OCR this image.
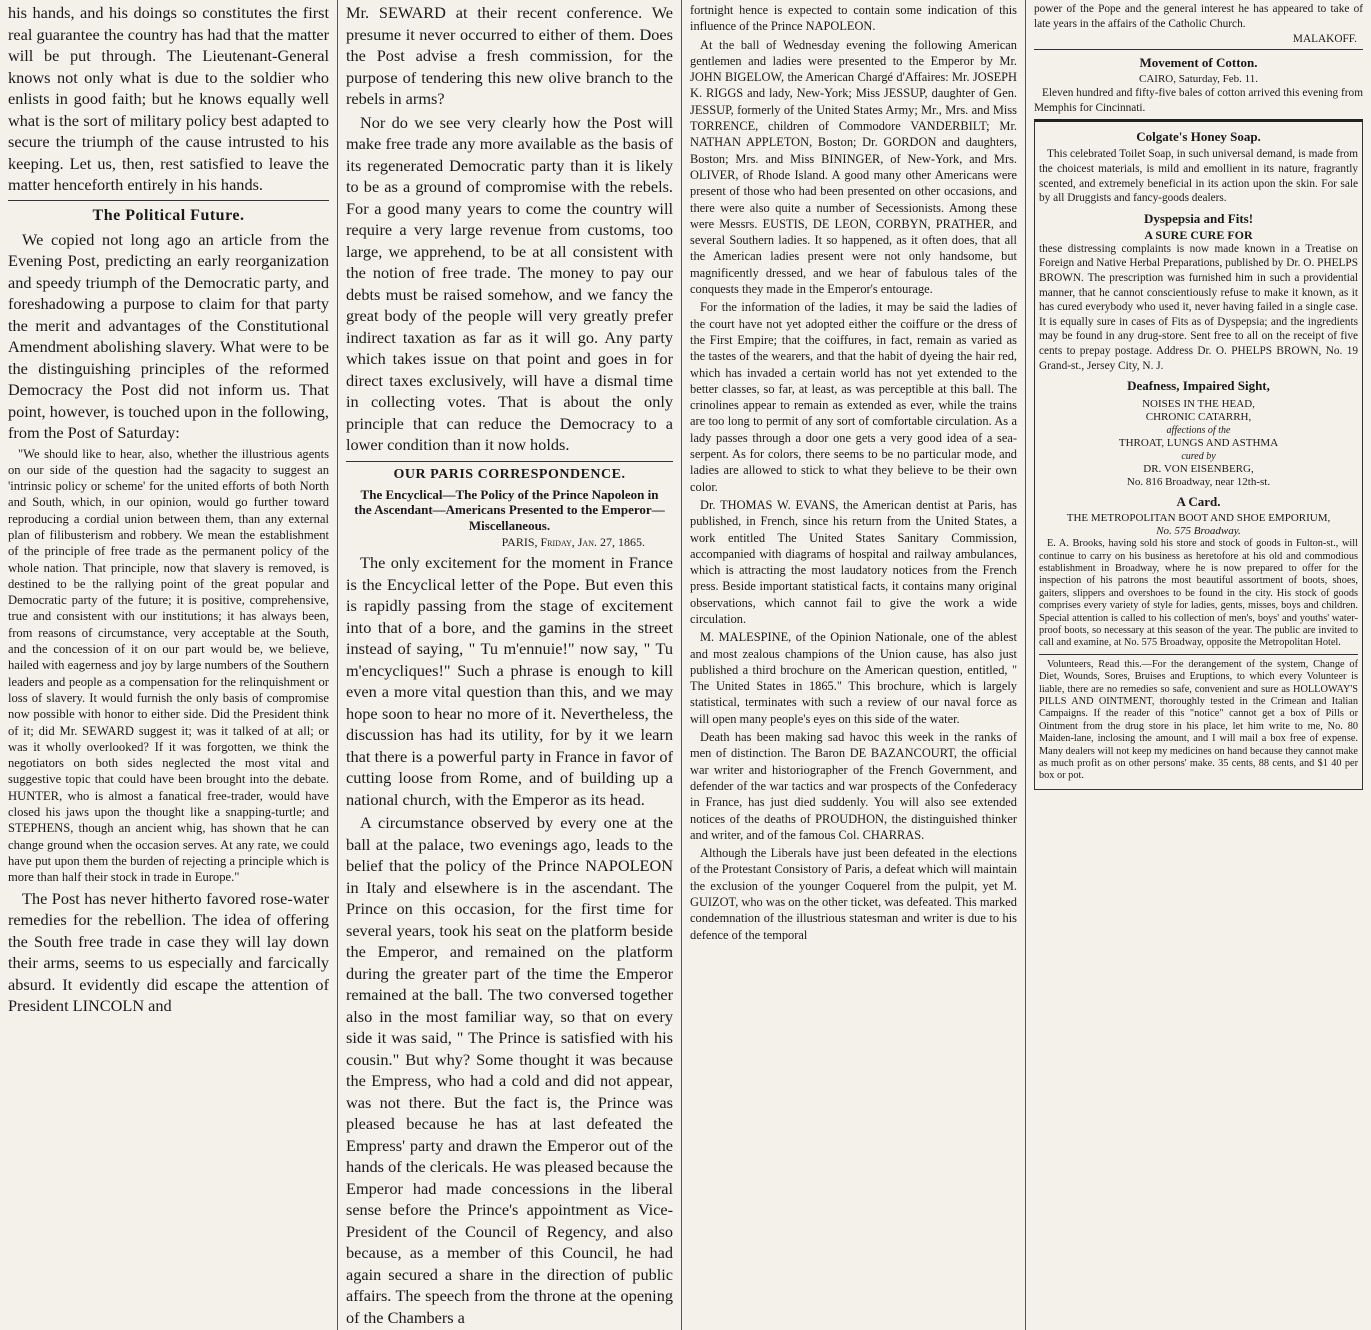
his hands, and his doings so constitutes the first real guarantee the country has had that the matter will be put through. The Lieutenant-General knows not only what is due to the soldier who enlists in good faith; but he knows equally well what is the sort of military policy best adapted to secure the triumph of the cause intrusted to his keeping. Let us, then, rest satisfied to leave the matter henceforth entirely in his hands.

The Political Future.

We copied not long ago an article from the Evening Post, predicting an early reorganization and speedy triumph of the Democratic party, and foreshadowing a purpose to claim for that party the merit and advantages of the Constitutional Amendment abolishing slavery. What were to be the distinguishing principles of the reformed Democracy the Post did not inform us. That point, however, is touched upon in the following, from the Post of Saturday:

"We should like to hear, also, whether the illustrious agents on our side of the question had the sagacity to suggest an 'intrinsic policy or scheme' for the united efforts of both North and South, which, in our opinion, would go further toward reproducing a cordial union between them, than any external plan of filibusterism and robbery. We mean the establishment of the principle of free trade as the permanent policy of the whole nation. That principle, now that slavery is removed, is destined to be the rallying point of the great popular and Democratic party of the future; it is positive, comprehensive, true and consistent with our institutions; it has always been, from reasons of circumstance, very acceptable at the South, and the concession of it on our part would be, we believe, hailed with eagerness and joy by large numbers of the Southern leaders and people as a compensation for the relinquishment or loss of slavery. It would furnish the only basis of compromise now possible with honor to either side. Did the President think of it; did Mr. SEWARD suggest it; was it talked of at all; or was it wholly overlooked? If it was forgotten, we think the negotiators on both sides neglected the most vital and suggestive topic that could have been brought into the debate. HUNTER, who is almost a fanatical free-trader, would have closed his jaws upon the thought like a snapping-turtle; and STEPHENS, though an ancient whig, has shown that he can change ground when the occasion serves. At any rate, we could have put upon them the burden of rejecting a principle which is more than half their stock in trade in Europe."

The Post has never hitherto favored rose-water remedies for the rebellion. The idea of offering the South free trade in case they will lay down their arms, seems to us especially and farcically absurd. It evidently did escape the attention of President LINCOLN and

Mr. SEWARD at their recent conference. We presume it never occurred to either of them. Does the Post advise a fresh commission, for the purpose of tendering this new olive branch to the rebels in arms?

Nor do we see very clearly how the Post will make free trade any more available as the basis of its regenerated Democratic party than it is likely to be as a ground of compromise with the rebels. For a good many years to come the country will require a very large revenue from customs, too large, we apprehend, to be at all consistent with the notion of free trade. The money to pay our debts must be raised somehow, and we fancy the great body of the people will very greatly prefer indirect taxation as far as it will go. Any party which takes issue on that point and goes in for direct taxes exclusively, will have a dismal time in collecting votes. That is about the only principle that can reduce the Democracy to a lower condition than it now holds.

OUR PARIS CORRESPONDENCE.
The Encyclical—The Policy of the Prince Napoleon in the Ascendant—Americans Presented to the Emperor—Miscellaneous.
PARIS, Friday, Jan. 27, 1865.

The only excitement for the moment in France is the Encyclical letter of the Pope. But even this is rapidly passing from the stage of excitement into that of a bore, and the gamins in the street instead of saying, " Tu m'ennuie!" now say, " Tu m'encycliques!" Such a phrase is enough to kill even a more vital question than this, and we may hope soon to hear no more of it. Nevertheless, the discussion has had its utility, for by it we learn that there is a powerful party in France in favor of cutting loose from Rome, and of building up a national church, with the Emperor as its head.

A circumstance observed by every one at the ball at the palace, two evenings ago, leads to the belief that the policy of the Prince NAPOLEON in Italy and elsewhere is in the ascendant. The Prince on this occasion, for the first time for several years, took his seat on the platform beside the Emperor, and remained on the platform during the greater part of the time the Emperor remained at the ball. The two conversed together also in the most familiar way, so that on every side it was said, " The Prince is satisfied with his cousin." But why? Some thought it was because the Empress, who had a cold and did not appear, was not there. But the fact is, the Prince was pleased because he has at last defeated the Empress' party and drawn the Emperor out of the hands of the clericals. He was pleased because the Emperor had made concessions in the liberal sense before the Prince's appointment as Vice-President of the Council of Regency, and also because, as a member of this Council, he had again secured a share in the direction of public affairs. The speech from the throne at the opening of the Chambers a

fortnight hence is expected to contain some indication of this influence of the Prince NAPOLEON.

At the ball of Wednesday evening the following American gentlemen and ladies were presented to the Emperor by Mr. JOHN BIGELOW, the American Chargé d'Affaires: Mr. JOSEPH K. RIGGS and lady, New-York; Miss JESSUP, daughter of Gen. JESSUP, formerly of the United States Army; Mr., Mrs. and Miss TORRENCE, children of Commodore VANDERBILT; Mr. NATHAN APPLETON, Boston; Dr. GORDON and daughters, Boston; Mrs. and Miss BININGER, of New-York, and Mrs. OLIVER, of Rhode Island. A good many other Americans were present of those who had been presented on other occasions, and there were also quite a number of Secessionists. Among these were Messrs. EUSTIS, DE LEON, CORBYN, PRATHER, and several Southern ladies. It so happened, as it often does, that all the American ladies present were not only handsome, but magnificently dressed, and we hear of fabulous tales of the conquests they made in the Emperor's entourage.

For the information of the ladies, it may be said the ladies of the court have not yet adopted either the coiffure or the dress of the First Empire; that the coiffures, in fact, remain as varied as the tastes of the wearers, and that the habit of dyeing the hair red, which has invaded a certain world has not yet extended to the better classes, so far, at least, as was perceptible at this ball. The crinolines appear to remain as extended as ever, while the trains are too long to permit of any sort of comfortable circulation. As a lady passes through a door one gets a very good idea of a sea-serpent. As for colors, there seems to be no particular mode, and ladies are allowed to stick to what they believe to be their own color.

Dr. THOMAS W. EVANS, the American dentist at Paris, has published, in French, since his return from the United States, a work entitled The United States Sanitary Commission, accompanied with diagrams of hospital and railway ambulances, which is attracting the most laudatory notices from the French press. Beside important statistical facts, it contains many original observations, which cannot fail to give the work a wide circulation.

M. MALESPINE, of the Opinion Nationale, one of the ablest and most zealous champions of the Union cause, has also just published a third brochure on the American question, entitled, " The United States in 1865." This brochure, which is largely statistical, terminates with such a review of our naval force as will open many people's eyes on this side of the water.

Death has been making sad havoc this week in the ranks of men of distinction. The Baron DE BAZANCOURT, the official war writer and historiographer of the French Government, and defender of the war tactics and war prospects of the Confederacy in France, has just died suddenly. You will also see extended notices of the deaths of PROUDHON, the distinguished thinker and writer, and of the famous Col. CHARRAS.

Although the Liberals have just been defeated in the elections of the Protestant Consistory of Paris, a defeat which will maintain the exclusion of the younger Coquerel from the pulpit, yet M. GUIZOT, who was on the other ticket, was defeated. This marked condemnation of the illustrious statesman and writer is due to his defence of the temporal

power of the Pope and the general interest he has appeared to take of late years in the affairs of the Catholic Church.

MALAKOFF.
Movement of Cotton.
CAIRO, Saturday, Feb. 11.

Eleven hundred and fifty-five bales of cotton arrived this evening from Memphis for Cincinnati.

Colgate's Honey Soap.

This celebrated Toilet Soap, in such universal demand, is made from the choicest materials, is mild and emollient in its nature, fragrantly scented, and extremely beneficial in its action upon the skin. For sale by all Druggists and fancy-goods dealers.

Dyspepsia and Fits!
A SURE CURE FOR

these distressing complaints is now made known in a Treatise on Foreign and Native Herbal Preparations, published by Dr. O. PHELPS BROWN. The prescription was furnished him in such a providential manner, that he cannot conscientiously refuse to make it known, as it has cured everybody who used it, never having failed in a single case. It is equally sure in cases of Fits as of Dyspepsia; and the ingredients may be found in any drug-store. Sent free to all on the receipt of five cents to prepay postage. Address Dr. O. PHELPS BROWN, No. 19 Grand-st., Jersey City, N. J.

Deafness, Impaired Sight,
NOISES IN THE HEAD,
CHRONIC CATARRH,
affections of the
THROAT, LUNGS AND ASTHMA
cured by
DR. VON EISENBERG,
No. 816 Broadway, near 12th-st.
A Card.
THE METROPOLITAN BOOT AND SHOE EMPORIUM,
No. 575 Broadway.

E. A. Brooks, having sold his store and stock of goods in Fulton-st., will continue to carry on his business as heretofore at his old and commodious establishment in Broadway, where he is now prepared to offer for the inspection of his patrons the most beautiful assortment of boots, shoes, gaiters, slippers and overshoes to be found in the city. His stock of goods comprises every variety of style for ladies, gents, misses, boys and children. Special attention is called to his collection of men's, boys' and youths' water-proof boots, so necessary at this season of the year. The public are invited to call and examine, at No. 575 Broadway, opposite the Metropolitan Hotel.

Volunteers, Read this.—For the derangement of the system, Change of Diet, Wounds, Sores, Bruises and Eruptions, to which every Volunteer is liable, there are no remedies so safe, convenient and sure as HOLLOWAY'S PILLS AND OINTMENT, thoroughly tested in the Crimean and Italian Campaigns. If the reader of this "notice" cannot get a box of Pills or Ointment from the drug store in his place, let him write to me, No. 80 Maiden-lane, inclosing the amount, and I will mail a box free of expense. Many dealers will not keep my medicines on hand because they cannot make as much profit as on other persons' make. 35 cents, 88 cents, and $1 40 per box or pot.
